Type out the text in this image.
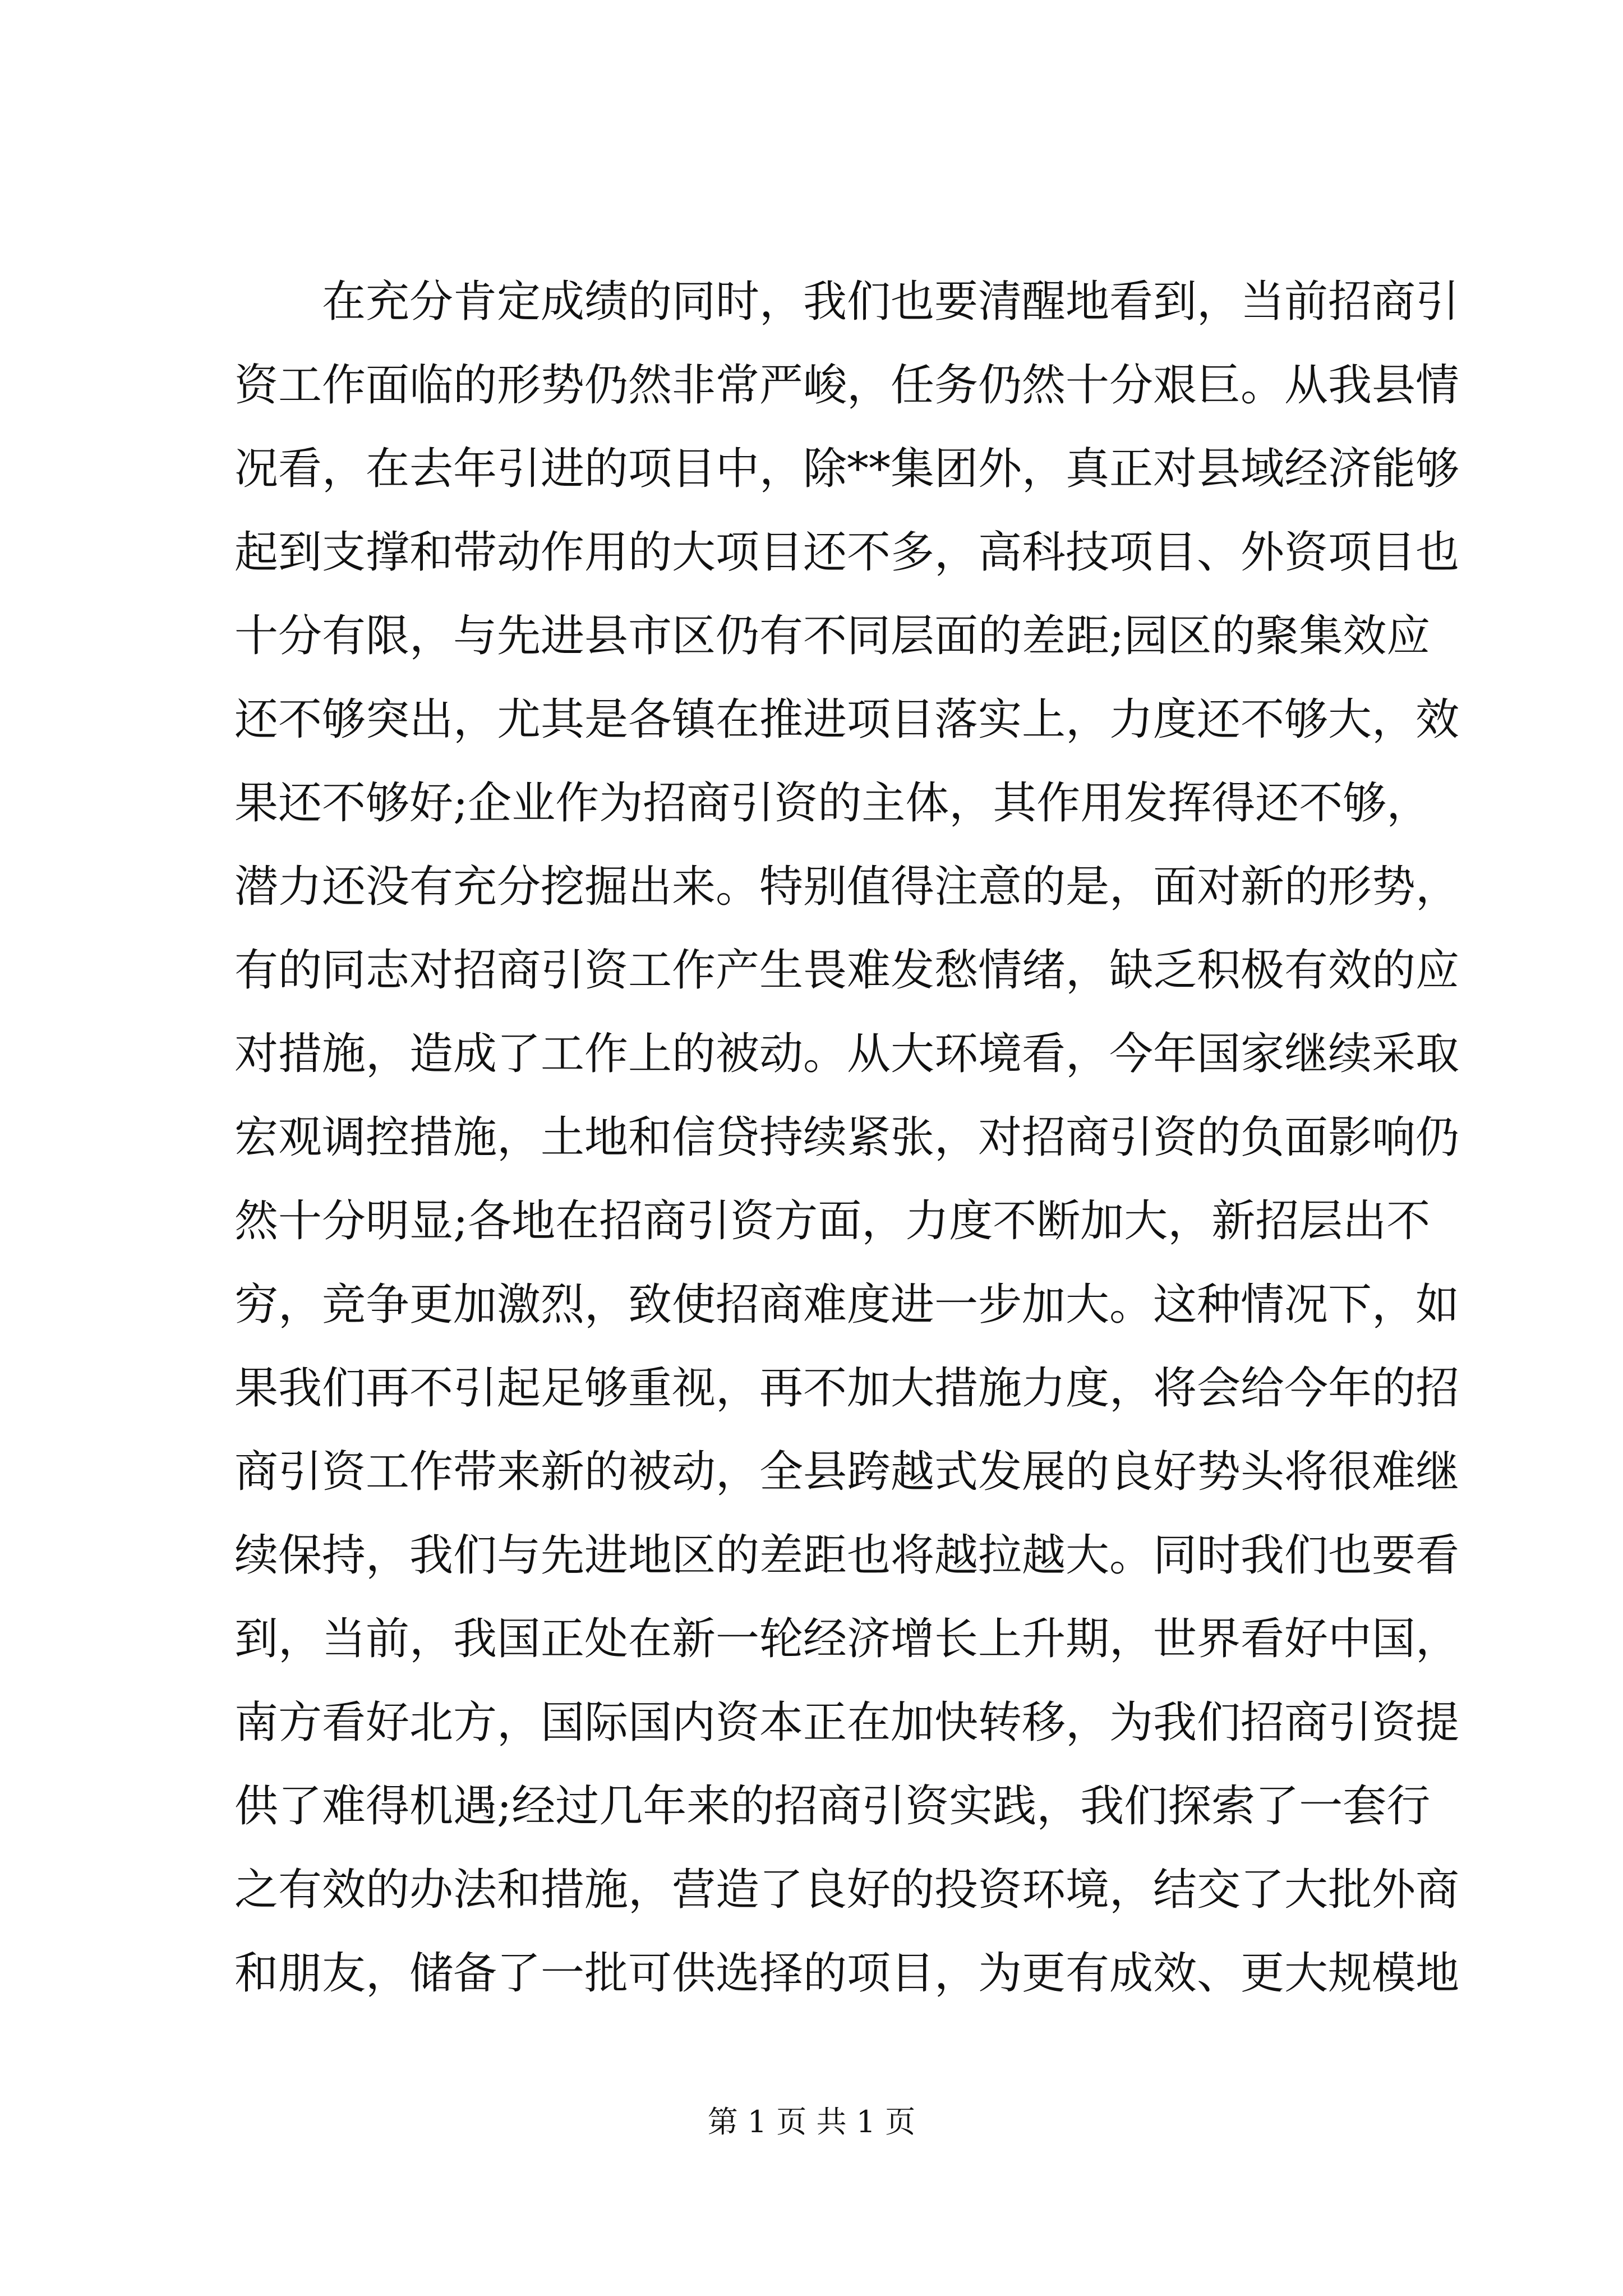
在充分肯定成绩的同时，我们也要清醒地看到，当前招商引
资工作面临的形势仍然非常严峻，任务仍然十分艰巨。从我县情
况看，在去年引进的项目中，除**集团外，真正对县域经济能够
起到支撑和带动作用的大项目还不多，高科技项目、外资项目也
十分有限，与先进县市区仍有不同层面的差距;园区的聚集效应
还不够突出，尤其是各镇在推进项目落实上，力度还不够大，效
果还不够好;企业作为招商引资的主体，其作用发挥得还不够，
潜力还没有充分挖掘出来。特别值得注意的是，面对新的形势，
有的同志对招商引资工作产生畏难发愁情绪，缺乏积极有效的应
对措施，造成了工作上的被动。从大环境看，今年国家继续采取
宏观调控措施，土地和信贷持续紧张，对招商引资的负面影响仍
然十分明显;各地在招商引资方面，力度不断加大，新招层出不
穷，竞争更加激烈，致使招商难度进一步加大。这种情况下，如
果我们再不引起足够重视，再不加大措施力度，将会给今年的招
商引资工作带来新的被动，全县跨越式发展的良好势头将很难继
续保持，我们与先进地区的差距也将越拉越大。同时我们也要看
到，当前，我国正处在新一轮经济增长上升期，世界看好中国，
南方看好北方，国际国内资本正在加快转移，为我们招商引资提
供了难得机遇;经过几年来的招商引资实践，我们探索了一套行
之有效的办法和措施，营造了良好的投资环境，结交了大批外商
和朋友，储备了一批可供选择的项目，为更有成效、更大规模地
第 1 页 共 1 页
